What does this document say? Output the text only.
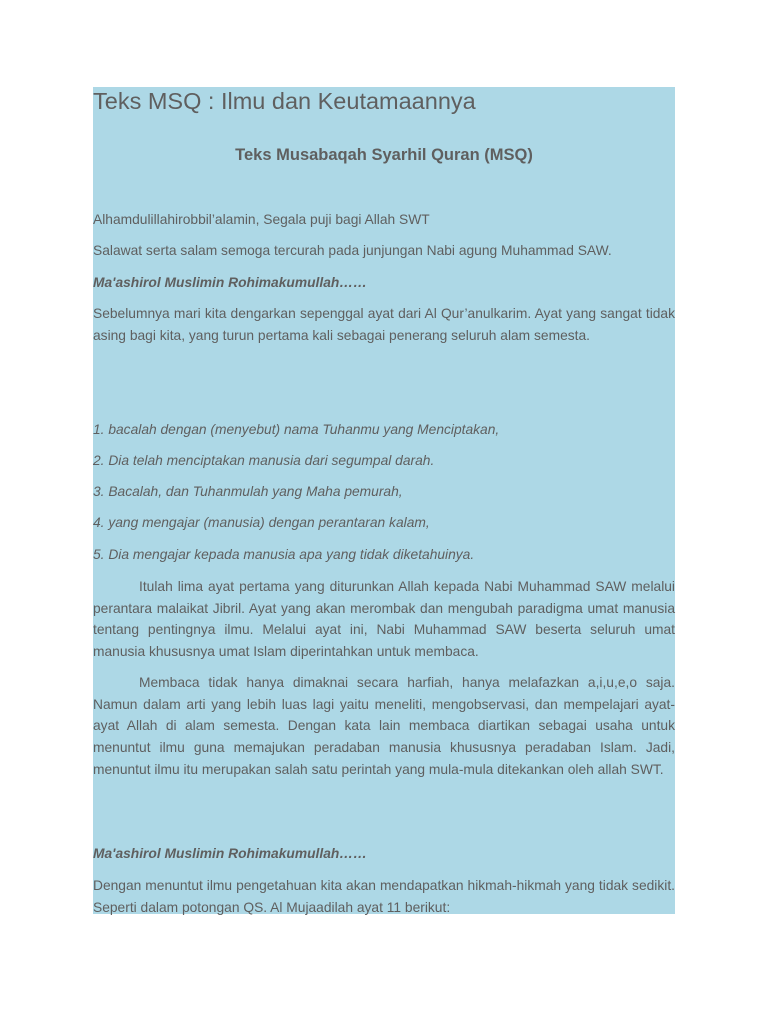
Teks MSQ : Ilmu dan Keutamaannya
Teks Musabaqah Syarhil Quran (MSQ)

Alhamdulillahirobbil’alamin, Segala puji bagi Allah SWT

Salawat serta salam semoga tercurah pada junjungan Nabi agung Muhammad SAW.

Ma'ashirol Muslimin Rohimakumullah……

Sebelumnya mari kita dengarkan sepenggal ayat dari Al Qur’anulkarim. Ayat yang sangat tidak asing bagi kita, yang turun pertama kali sebagai penerang seluruh alam semesta.

1. bacalah dengan (menyebut) nama Tuhanmu yang Menciptakan,

2. Dia telah menciptakan manusia dari segumpal darah.

3. Bacalah, dan Tuhanmulah yang Maha pemurah,

4. yang mengajar (manusia) dengan perantaran kalam,

5. Dia mengajar kepada manusia apa yang tidak diketahuinya.

Itulah lima ayat pertama yang diturunkan Allah kepada Nabi Muhammad SAW melalui perantara malaikat Jibril. Ayat yang akan merombak dan mengubah paradigma umat manusia tentang pentingnya ilmu. Melalui ayat ini, Nabi Muhammad SAW beserta seluruh umat manusia khususnya umat Islam diperintahkan untuk membaca.

Membaca tidak hanya dimaknai secara harfiah, hanya melafazkan a,i,u,e,o saja. Namun dalam arti yang lebih luas lagi yaitu meneliti, mengobservasi, dan mempelajari ayat-ayat Allah di alam semesta. Dengan kata lain membaca diartikan sebagai usaha untuk menuntut ilmu guna memajukan peradaban manusia khususnya peradaban Islam. Jadi, menuntut ilmu itu merupakan salah satu perintah yang mula-mula ditekankan oleh allah SWT.

Ma'ashirol Muslimin Rohimakumullah……

Dengan menuntut ilmu pengetahuan kita akan mendapatkan hikmah-hikmah yang tidak sedikit. Seperti dalam potongan QS. Al Mujaadilah ayat 11 berikut:
